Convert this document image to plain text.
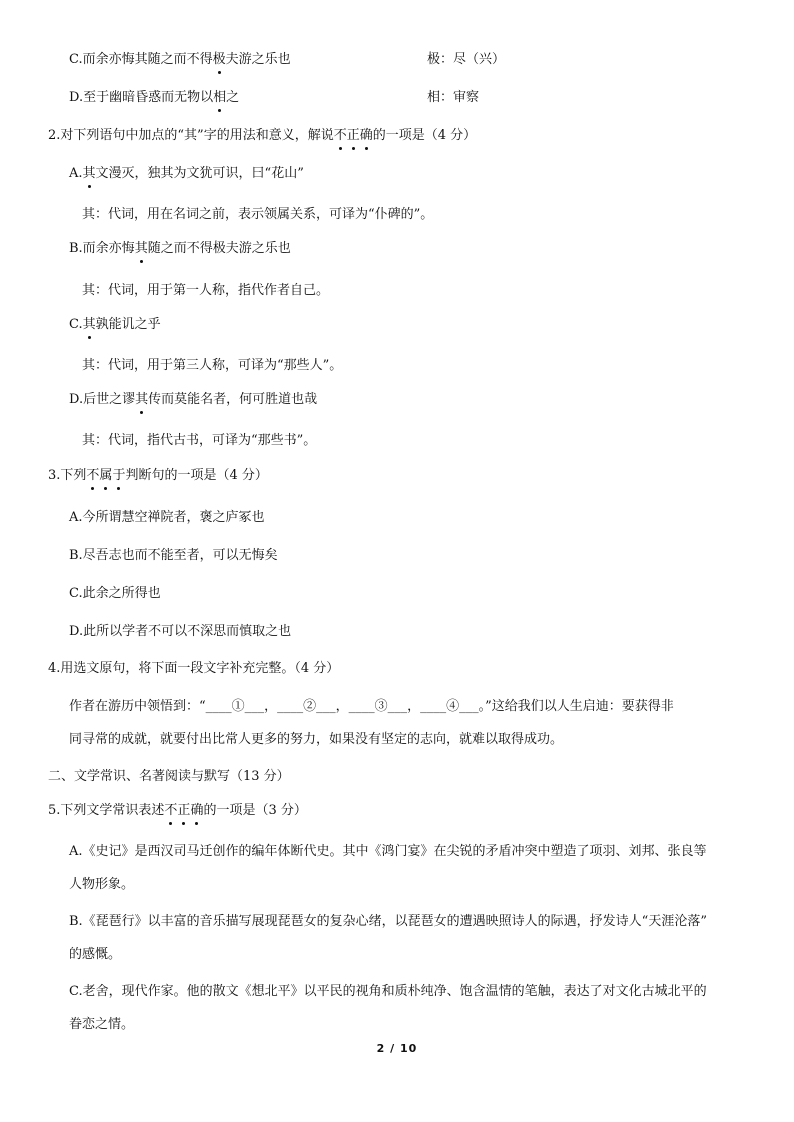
C.而余亦悔其随之而不得极夫游之乐也	极：尽（兴）
D.至于幽暗昏惑而无物以相之	相：审察
2.对下列语句中加点的“其”字的用法和意义，解说不正确的一项是（4 分）
A.其文漫灭，独其为文犹可识，曰“花山”
其：代词，用在名词之前，表示领属关系，可译为“仆碑的”。
B.而余亦悔其随之而不得极夫游之乐也
其：代词，用于第一人称，指代作者自己。
C.其孰能讥之乎
其：代词，用于第三人称，可译为“那些人”。
D.后世之谬其传而莫能名者，何可胜道也哉
其：代词，指代古书，可译为“那些书”。
3.下列不属于判断句的一项是（4 分）
A.今所谓慧空禅院者，褒之庐冢也
B.尽吾志也而不能至者，可以无悔矣
C.此余之所得也
D.此所以学者不可以不深思而慎取之也
4.用选文原句，将下面一段文字补充完整。（4 分）
作者在游历中领悟到：“____①___，____②___，____③___，____④___。”这给我们以人生启迪：要获得非
同寻常的成就，就要付出比常人更多的努力，如果没有坚定的志向，就难以取得成功。
二、文学常识、名著阅读与默写（13 分）
5.下列文学常识表述不正确的一项是（3 分）
A.《史记》是西汉司马迁创作的编年体断代史。其中《鸿门宴》在尖锐的矛盾冲突中塑造了项羽、刘邦、张良等
人物形象。
B.《琵琶行》以丰富的音乐描写展现琵琶女的复杂心绪，以琵琶女的遭遇映照诗人的际遇，抒发诗人“天涯沦落”
的感慨。
C.老舍，现代作家。他的散文《想北平》以平民的视角和质朴纯净、饱含温情的笔触，表达了对文化古城北平的
眷恋之情。
2 / 10
